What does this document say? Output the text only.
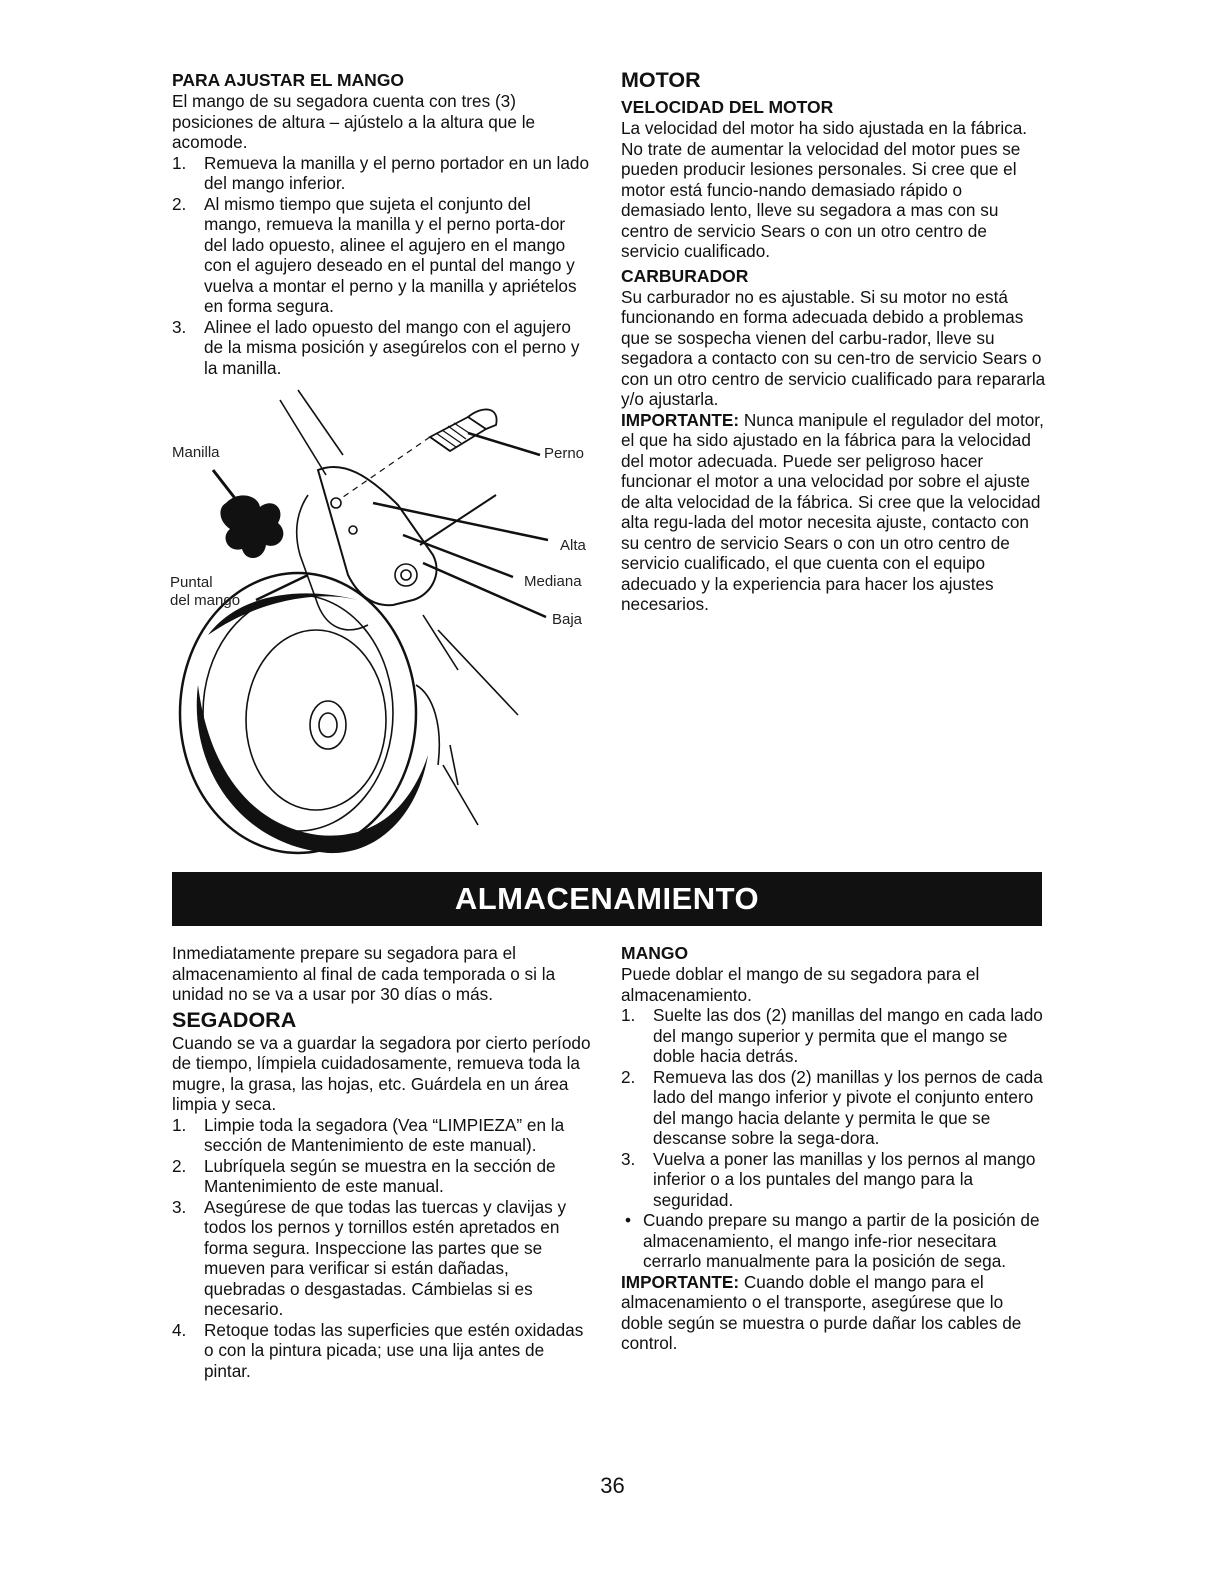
PARA AJUSTAR EL MANGO

El mango de su segadora cuenta con tres (3) posiciones de altura – ajústelo a la altura que le acomode.

1.	Remueva la manilla y el perno portador en un lado del mango inferior.
2.	Al mismo tiempo que sujeta el conjunto del mango, remueva la manilla y el perno porta-dor del lado opuesto, alinee el agujero en el mango con el agujero deseado en el puntal del mango y vuelva a montar el perno y la manilla y apriételos en forma segura.
3.	Alinee el lado opuesto del mango con el agujero de la misma posición y asegúrelos con el perno y la manilla.
Manilla	Perno
Alta
Mediana
Baja
Puntal
del mango

MOTOR

VELOCIDAD DEL MOTOR

La velocidad del motor ha sido ajustada en la fábrica. No trate de aumentar la velocidad del motor pues se pueden producir lesiones personales. Si cree que el motor está funcio-nando demasiado rápido o demasiado lento, lleve su segadora a mas con su centro de servicio Sears o con un otro centro de servicio cualificado.

CARBURADOR

Su carburador no es ajustable. Si su motor no está funcionando en forma adecuada debido a problemas que se sospecha vienen del carbu-rador, lleve su segadora a contacto con su cen-tro de servicio Sears o con un otro centro de servicio cualificado para repararla y/o ajustarla.
IMPORTANTE: Nunca manipule el regulador del motor, el que ha sido ajustado en la fábrica para la velocidad del motor adecuada. Puede ser peligroso hacer funcionar el motor a una velocidad por sobre el ajuste de alta velocidad de la fábrica. Si cree que la velocidad alta regu-lada del motor necesita ajuste, contacto con su centro de servicio Sears o con un otro centro de servicio cualificado, el que cuenta con el equipo adecuado y la experiencia para hacer los ajustes necesarios.

ALMACENAMIENTO

Inmediatamente prepare su segadora para el almacenamiento al final de cada temporada o si la unidad no se va a usar por 30 días o más.

SEGADORA

Cuando se va a guardar la segadora por cierto período de tiempo, límpiela cuidadosamente, remueva toda la mugre, la grasa, las hojas, etc. Guárdela en un área limpia y seca.

1.	Limpie toda la segadora (Vea “LIMPIEZA” en la sección de Mantenimiento de este manual).
2.	Lubríquela según se muestra en la sección de Mantenimiento de este manual.
3.	Asegúrese de que todas las tuercas y clavijas y todos los pernos y tornillos estén apretados en forma segura. Inspeccione las partes que se mueven para verificar si están dañadas, quebradas o desgastadas. Cámbielas si es necesario.
4.	Retoque todas las superficies que estén oxidadas o con la pintura picada; use una lija antes de pintar.

MANGO

Puede doblar el mango de su segadora para el almacenamiento.

1.	Suelte las dos (2) manillas del mango en cada lado del mango superior y permita que el mango se doble hacia detrás.
2.	Remueva las dos (2) manillas y los pernos de cada lado del mango inferior y pivote el conjunto entero del mango hacia delante y permita le que se descanse sobre la sega-dora.
3.	Vuelva a poner las manillas y los pernos al mango inferior o a los puntales del mango para la seguridad.
• Cuando prepare su mango a partir de la posición de almacenamiento, el mango infe-rior nesecitara cerrarlo manualmente para la posición de sega.

IMPORTANTE: Cuando doble el mango para el almacenamiento o el transporte, asegúrese que lo doble según se muestra o purde dañar los cables de control.

36
